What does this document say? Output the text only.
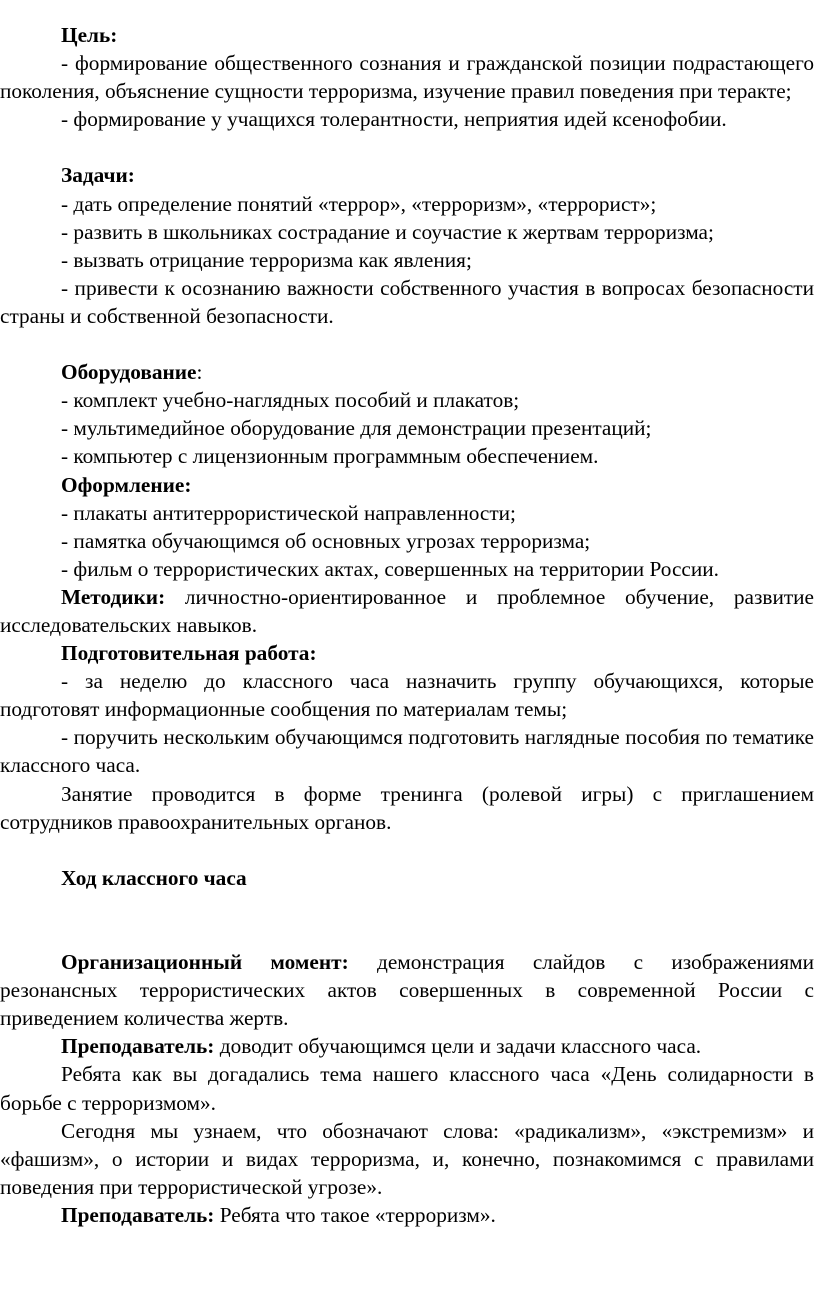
Цель:

- формирование общественного сознания и гражданской позиции подрастающего поколения, объяснение сущности терроризма, изучение правил поведения при теракте;

- формирование у учащихся толерантности, неприятия идей ксенофобии.

Задачи:

- дать определение понятий «террор», «терроризм», «террорист»;

- развить в школьниках сострадание и соучастие к жертвам терроризма;

- вызвать отрицание терроризма как явления;

- привести к осознанию важности собственного участия в вопросах безопасности страны и собственной безопасности.

Оборудование:

- комплект учебно-наглядных пособий и плакатов;

- мультимедийное оборудование для демонстрации презентаций;

- компьютер с лицензионным программным обеспечением.

Оформление:

- плакаты антитеррористической направленности;

- памятка обучающимся об основных угрозах терроризма;

- фильм о террористических актах, совершенных на территории России.

Методики: личностно-ориентированное и проблемное обучение, развитие исследовательских навыков.

Подготовительная работа:

- за неделю до классного часа назначить группу обучающихся, которые подготовят информационные сообщения по материалам темы;

- поручить нескольким обучающимся подготовить наглядные пособия по тематике классного часа.

Занятие проводится в форме тренинга (ролевой игры) с приглашением сотрудников правоохранительных органов.

Ход классного часа

Организационный момент: демонстрация слайдов с изображениями резонансных террористических актов совершенных в современной России с приведением количества жертв.

Преподаватель: доводит обучающимся цели и задачи классного часа.

Ребята как вы догадались тема нашего классного часа «День солидарности в борьбе с терроризмом».

Сегодня мы узнаем, что обозначают слова: «радикализм», «экстремизм» и «фашизм», о истории и видах терроризма, и, конечно, познакомимся с правилами поведения при террористической угрозе».

Преподаватель: Ребята что такое «терроризм».
